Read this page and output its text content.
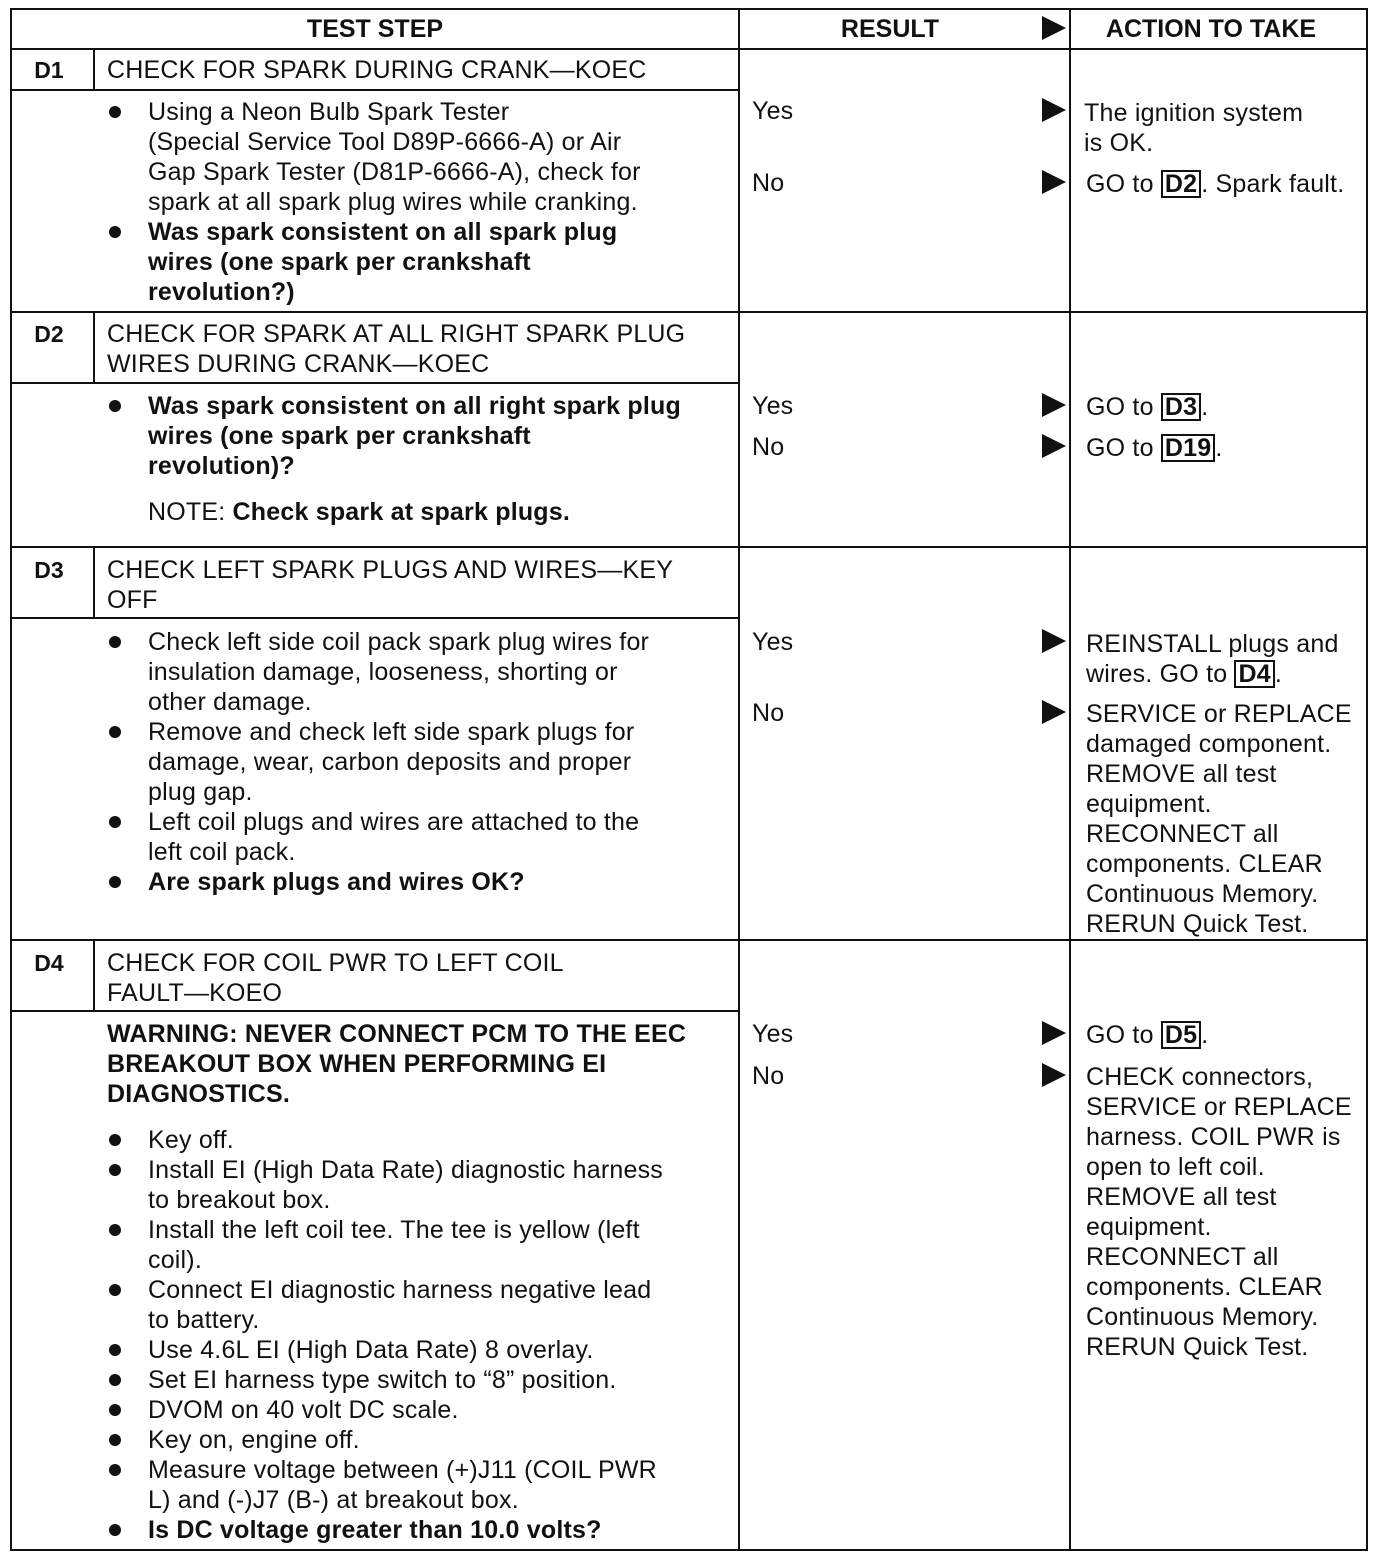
TEST STEP	RESULT	ACTION TO TAKE
D1	CHECK FOR SPARK DURING CRANK—KOEC
Using a Neon Bulb Spark Tester
(Special Service Tool D89P-6666-A) or Air
Gap Spark Tester (D81P-6666-A), check for
spark at all spark plug wires while cranking.
Was spark consistent on all spark plug
wires (one spark per crankshaft
revolution?)
Yes	The ignition system
is OK.
No	GO to D2 . Spark fault.
D2	CHECK FOR SPARK AT ALL RIGHT SPARK PLUG
WIRES DURING CRANK—KOEC
Was spark consistent on all right spark plug
wires (one spark per crankshaft
revolution)?
NOTE: Check spark at spark plugs.
Yes	GO to D3 .
No	GO to D19 .
D3	CHECK LEFT SPARK PLUGS AND WIRES—KEY
OFF
Check left side coil pack spark plug wires for
insulation damage, looseness, shorting or
other damage.
Remove and check left side spark plugs for
damage, wear, carbon deposits and proper
plug gap.
Left coil plugs and wires are attached to the
left coil pack.
Are spark plugs and wires OK?
Yes	REINSTALL plugs and
wires. GO to D4 .
No	SERVICE or REPLACE
damaged component.
REMOVE all test
equipment.
RECONNECT all
components. CLEAR
Continuous Memory.
RERUN Quick Test.
D4	CHECK FOR COIL PWR TO LEFT COIL
FAULT—KOEO
WARNING: NEVER CONNECT PCM TO THE EEC
BREAKOUT BOX WHEN PERFORMING EI
DIAGNOSTICS.
Key off.
Install EI (High Data Rate) diagnostic harness
to breakout box.
Install the left coil tee. The tee is yellow (left
coil).
Connect EI diagnostic harness negative lead
to battery.
Use 4.6L EI (High Data Rate) 8 overlay.
Set EI harness type switch to “8” position.
DVOM on 40 volt DC scale.
Key on, engine off.
Measure voltage between (+)J11 (COIL PWR
L) and (-)J7 (B-) at breakout box.
Is DC voltage greater than 10.0 volts?
Yes	GO to D5 .
No	CHECK connectors,
SERVICE or REPLACE
harness. COIL PWR is
open to left coil.
REMOVE all test
equipment.
RECONNECT all
components. CLEAR
Continuous Memory.
RERUN Quick Test.
